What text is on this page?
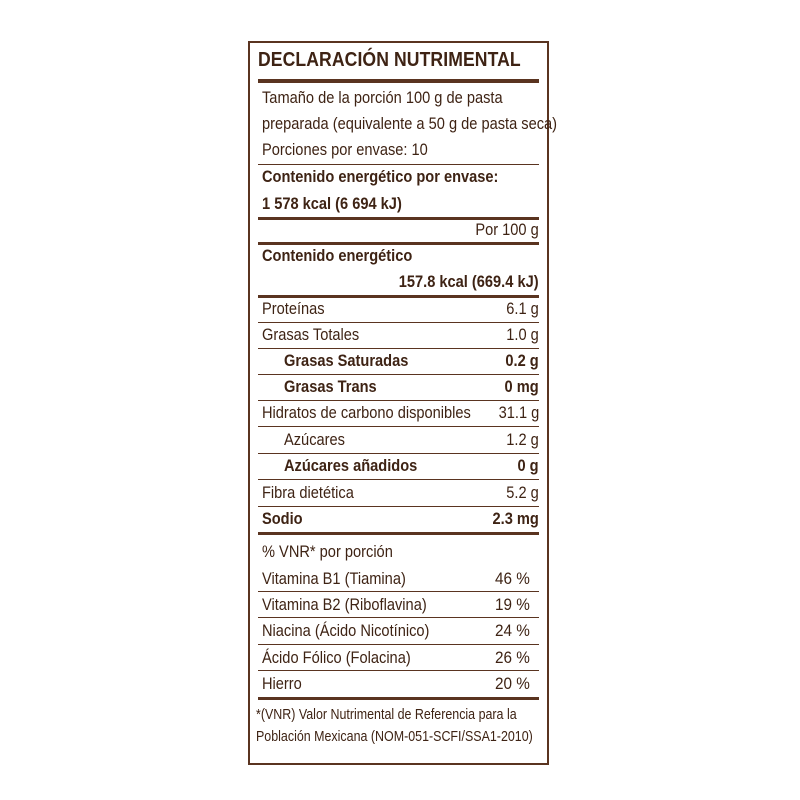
DECLARACIÓN NUTRIMENTAL
Tamaño de la porción 100 g de pasta
preparada (equivalente a 50 g de pasta seca)
Porciones por envase: 10
Contenido energético por envase:
1 578 kcal (6 694 kJ)
Por 100 g
Contenido energético
157.8 kcal (669.4 kJ)
Proteínas	6.1 g
Grasas Totales	1.0 g
Grasas Saturadas	0.2 g
Grasas Trans	0 mg
Hidratos de carbono disponibles 31.1 g
Azúcares	1.2 g
Azúcares añadidos	0 g
Fibra dietética	5.2 g
Sodio	2.3 mg
% VNR* por porción
Vitamina B1 (Tiamina)	46 %
Vitamina B2 (Riboflavina)	19 %
Niacina (Ácido Nicotínico)	24 %
Ácido Fólico (Folacina)	26 %
Hierro	20 %
*(VNR) Valor Nutrimental de Referencia para la
Población Mexicana (NOM-051-SCFI/SSA1-2010)
